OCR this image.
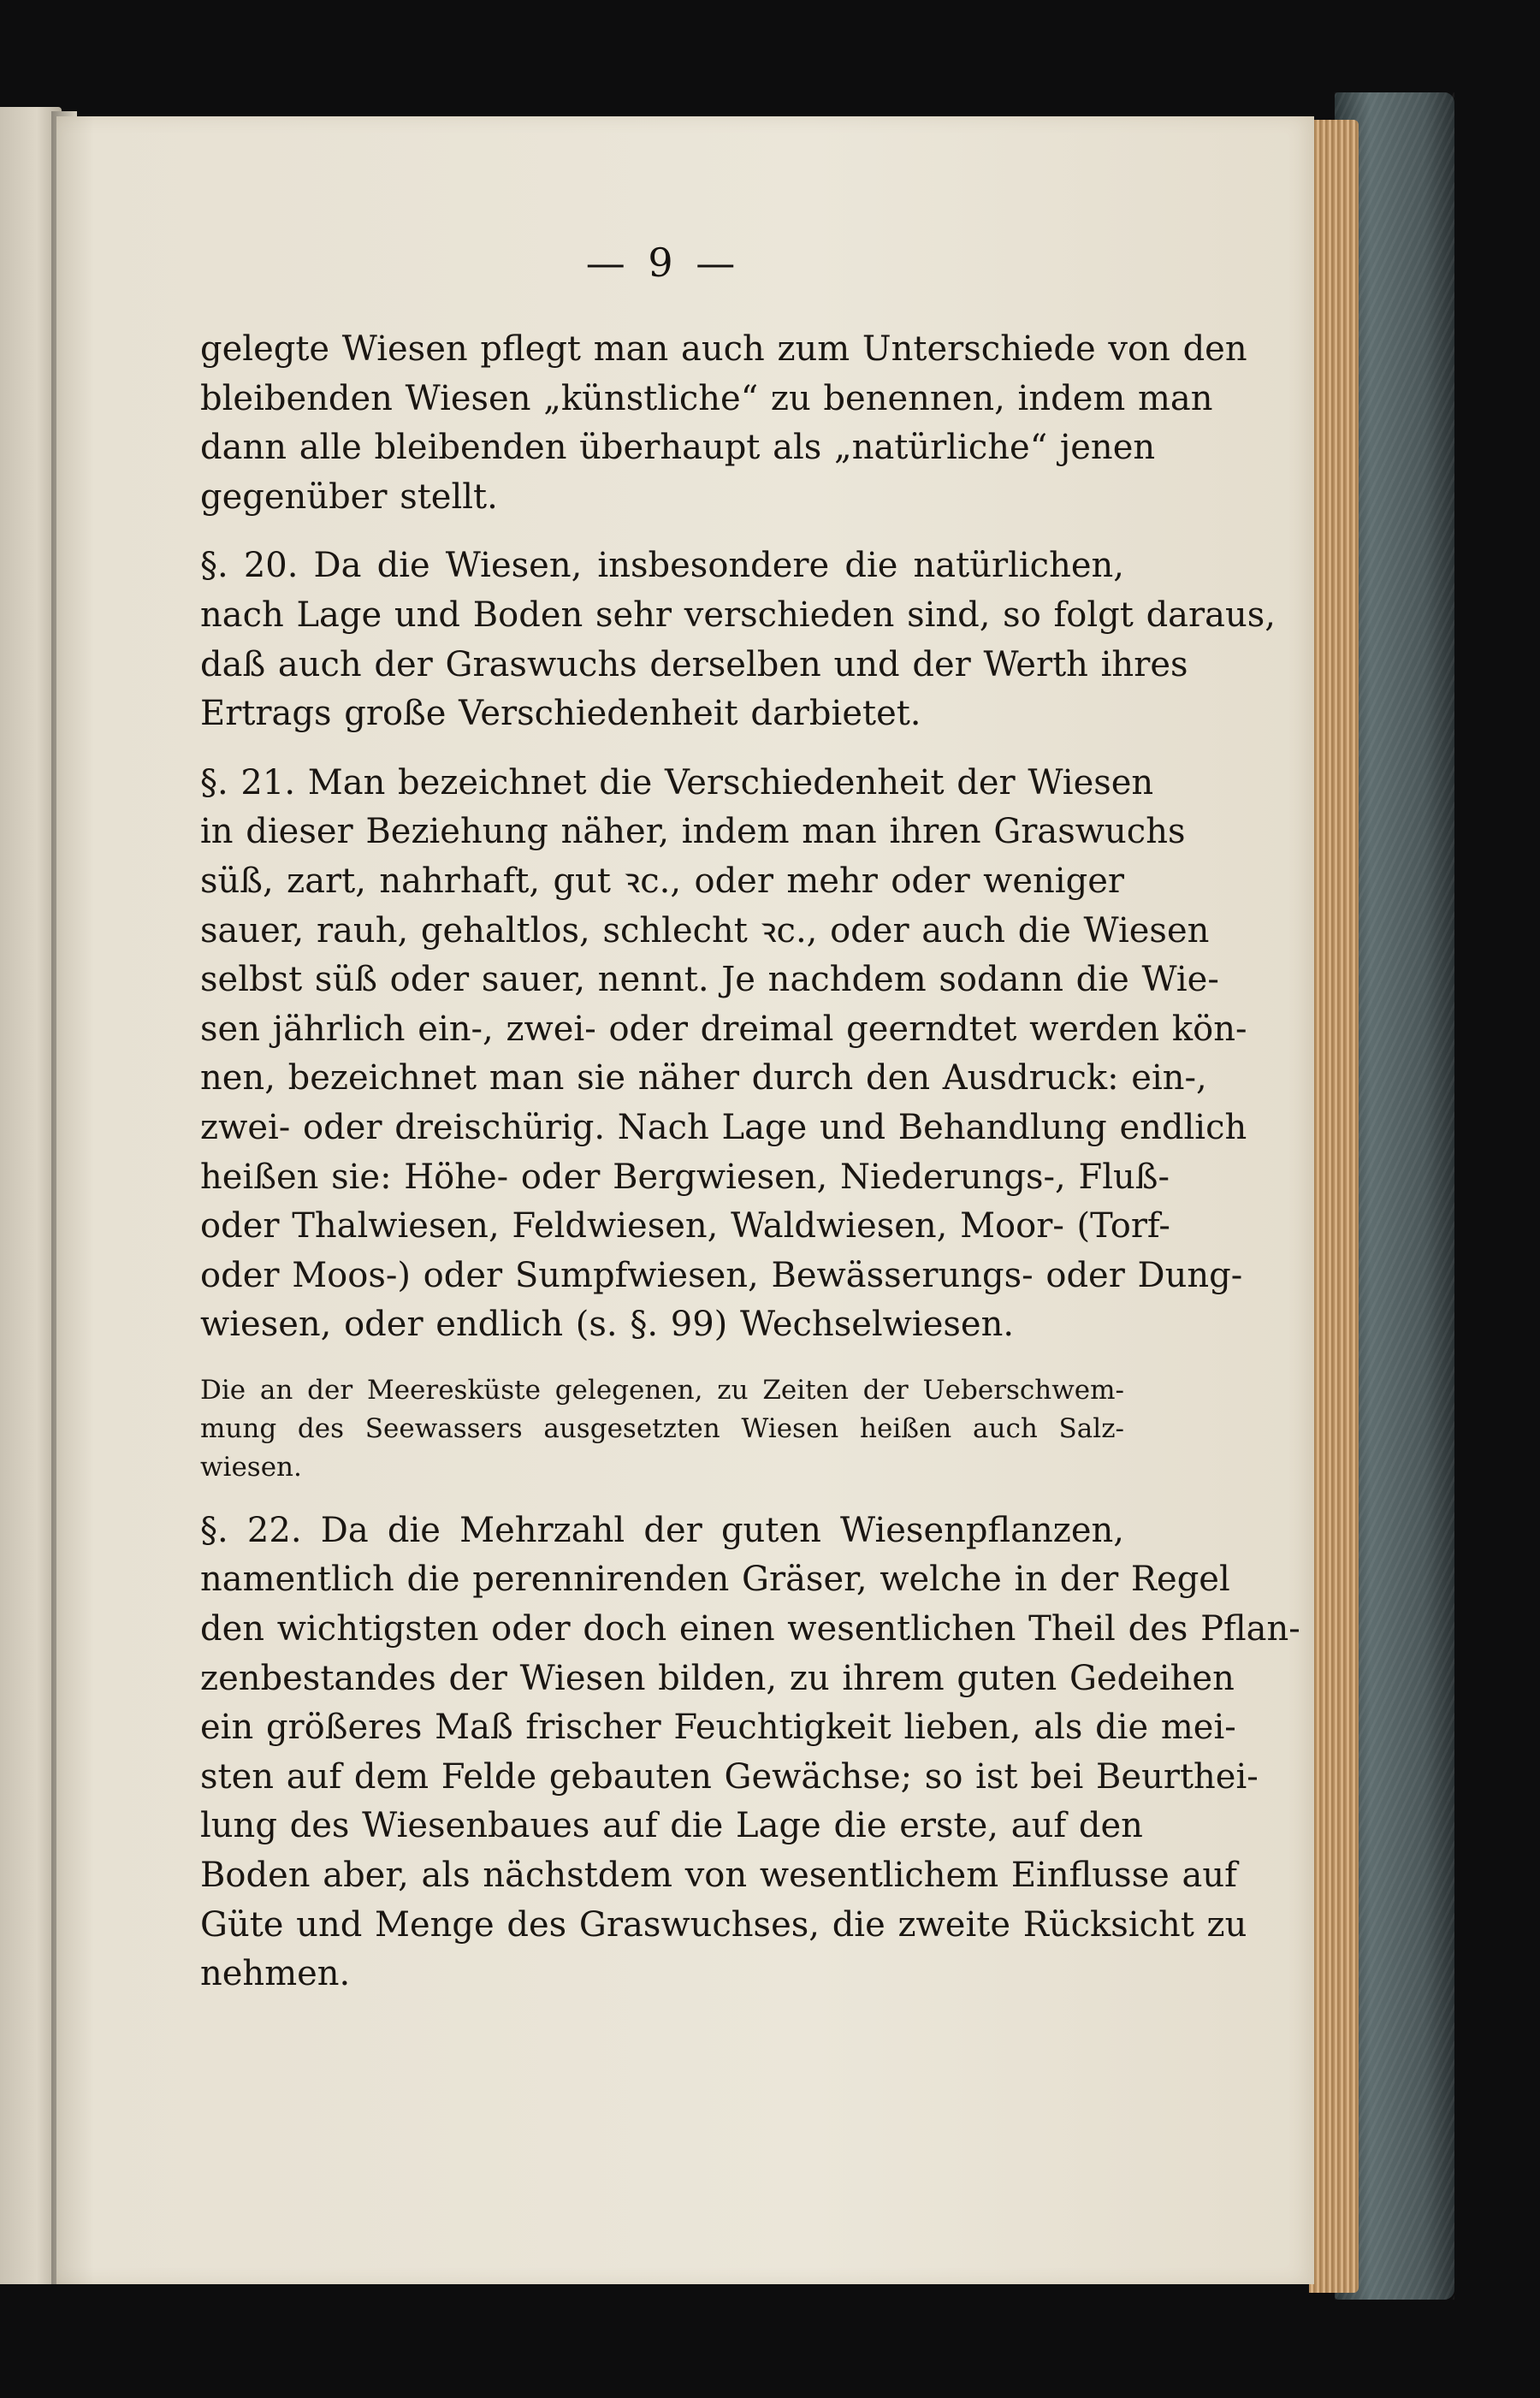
— 9 —
gelegte Wiesen pflegt man auch zum Unterschiede von den
bleibenden Wiesen „künstliche“ zu benennen, indem man
dann alle bleibenden überhaupt als „natürliche“ jenen
gegenüber stellt.
§. 20. Da die Wiesen, insbesondere die natürlichen,
nach Lage und Boden sehr verschieden sind, so folgt daraus,
daß auch der Graswuchs derselben und der Werth ihres
Ertrags große Verschiedenheit darbietet.
§. 21. Man bezeichnet die Verschiedenheit der Wiesen
in dieser Beziehung näher, indem man ihren Graswuchs
süß, zart, nahrhaft, gut ꝛc., oder mehr oder weniger
sauer, rauh, gehaltlos, schlecht ꝛc., oder auch die Wiesen
selbst süß oder sauer, nennt. Je nachdem sodann die Wie-
sen jährlich ein-, zwei- oder dreimal geerndtet werden kön-
nen, bezeichnet man sie näher durch den Ausdruck: ein-,
zwei- oder dreischürig. Nach Lage und Behandlung endlich
heißen sie: Höhe- oder Bergwiesen, Niederungs-, Fluß-
oder Thalwiesen, Feldwiesen, Waldwiesen, Moor- (Torf-
oder Moos-) oder Sumpfwiesen, Bewässerungs- oder Dung-
wiesen, oder endlich (s. §. 99) Wechselwiesen.
Die an der Meeresküste gelegenen, zu Zeiten der Ueberschwem-
mung des Seewassers ausgesetzten Wiesen heißen auch Salz-
wiesen.
§. 22. Da die Mehrzahl der guten Wiesenpflanzen,
namentlich die perennirenden Gräser, welche in der Regel
den wichtigsten oder doch einen wesentlichen Theil des Pflan-
zenbestandes der Wiesen bilden, zu ihrem guten Gedeihen
ein größeres Maß frischer Feuchtigkeit lieben, als die mei-
sten auf dem Felde gebauten Gewächse; so ist bei Beurthei-
lung des Wiesenbaues auf die Lage die erste, auf den
Boden aber, als nächstdem von wesentlichem Einflusse auf
Güte und Menge des Graswuchses, die zweite Rücksicht zu
nehmen.
